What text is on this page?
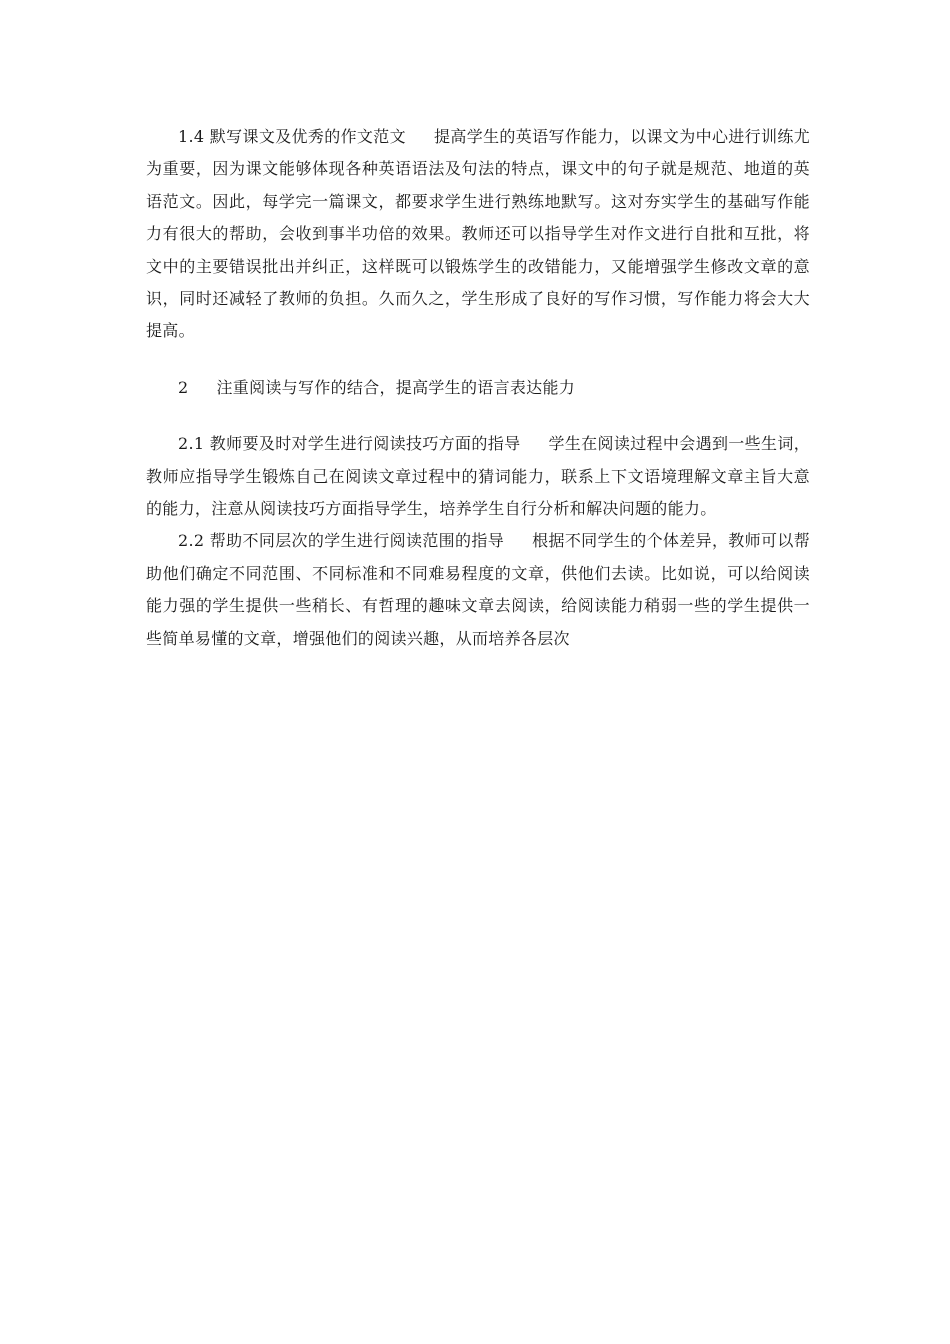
1.4 默写课文及优秀的作文范文 提高学生的英语写作能力，以课文为中心进行训练尤为重要，因为课文能够体现各种英语语法及句法的特点，课文中的句子就是规范、地道的英语范文。因此，每学完一篇课文，都要求学生进行熟练地默写。这对夯实学生的基础写作能力有很大的帮助，会收到事半功倍的效果。教师还可以指导学生对作文进行自批和互批，将文中的主要错误批出并纠正，这样既可以锻炼学生的改错能力，又能增强学生修改文章的意识，同时还减轻了教师的负担。久而久之，学生形成了良好的写作习惯，写作能力将会大大提高。

2 注重阅读与写作的结合，提高学生的语言表达能力

2.1 教师要及时对学生进行阅读技巧方面的指导 学生在阅读过程中会遇到一些生词，教师应指导学生锻炼自己在阅读文章过程中的猜词能力，联系上下文语境理解文章主旨大意的能力，注意从阅读技巧方面指导学生，培养学生自行分析和解决问题的能力。

2.2 帮助不同层次的学生进行阅读范围的指导 根据不同学生的个体差异，教师可以帮助他们确定不同范围、不同标准和不同难易程度的文章，供他们去读。比如说，可以给阅读能力强的学生提供一些稍长、有哲理的趣味文章去阅读，给阅读能力稍弱一些的学生提供一些简单易懂的文章，增强他们的阅读兴趣，从而培养各层次
